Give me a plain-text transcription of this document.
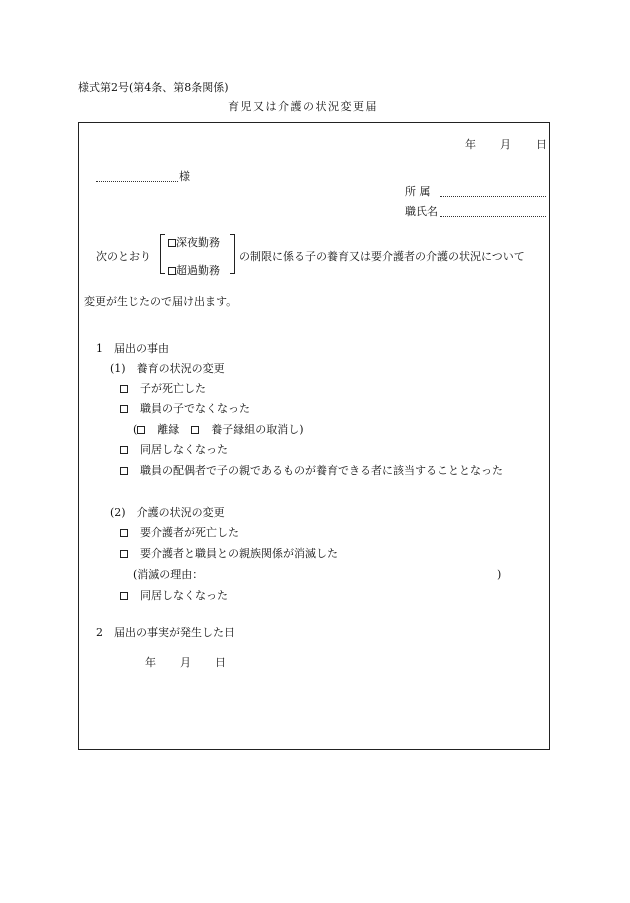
様式第2号(第4条、第8条関係)
育児又は介護の状況変更届
年 月 日
様
所 属
職氏名
次のとおり
深夜勤務
超過勤務
の制限に係る子の養育又は要介護者の介護の状況について
変更が生じたので届け出ます。
1　届出の事由
(1)　養育の状況の変更
子が死亡した
職員の子でなくなった
( 離縁	養子縁組の取消し)
同居しなくなった
職員の配偶者で子の親であるものが養育できる者に該当することとなった
(2)　介護の状況の変更
要介護者が死亡した
要介護者と職員との親族関係が消滅した
(消滅の理由：	)
同居しなくなった
2　届出の事実が発生した日
年 月 日
